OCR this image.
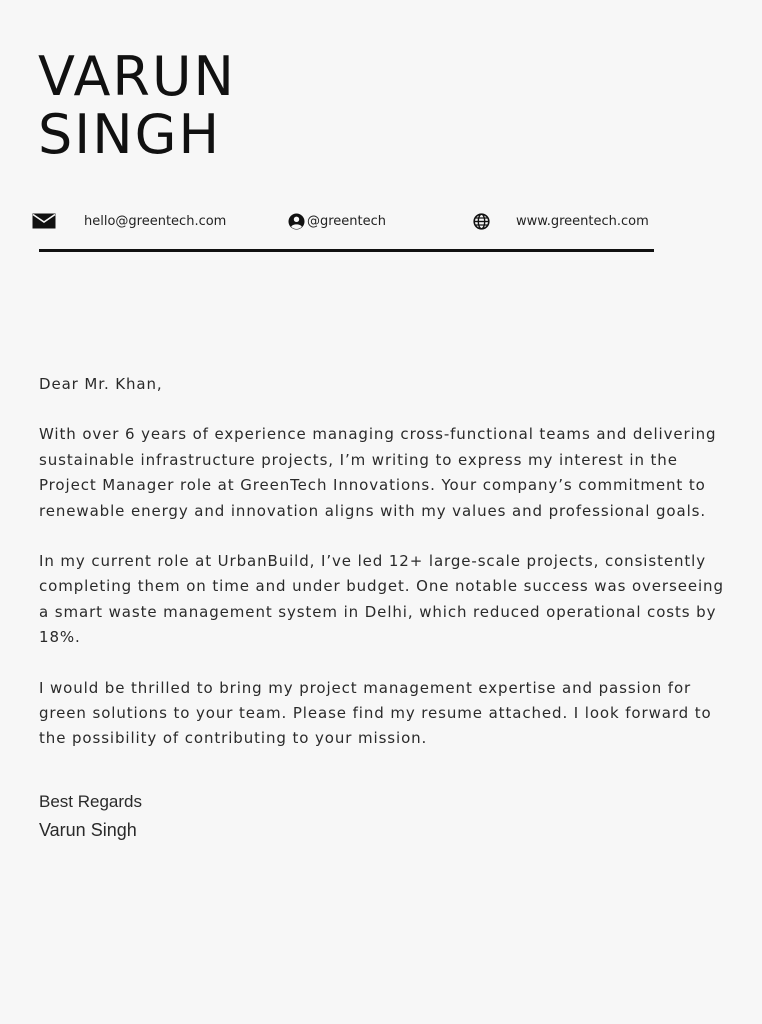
VARUN
SINGH
hello@greentech.com	@greentech	www.greentech.com

Dear Mr. Khan,

With over 6 years of experience managing cross-functional teams and delivering sustainable infrastructure projects, I’m writing to express my interest in the Project Manager role at GreenTech Innovations. Your company’s commitment to renewable energy and innovation aligns with my values and professional goals.

In my current role at UrbanBuild, I’ve led 12+ large-scale projects, consistently completing them on time and under budget. One notable success was overseeing a smart waste management system in Delhi, which reduced operational costs by 18%.

I would be thrilled to bring my project management expertise and passion for green solutions to your team. Please find my resume attached. I look forward to the possibility of contributing to your mission.

Best Regards
Varun Singh
